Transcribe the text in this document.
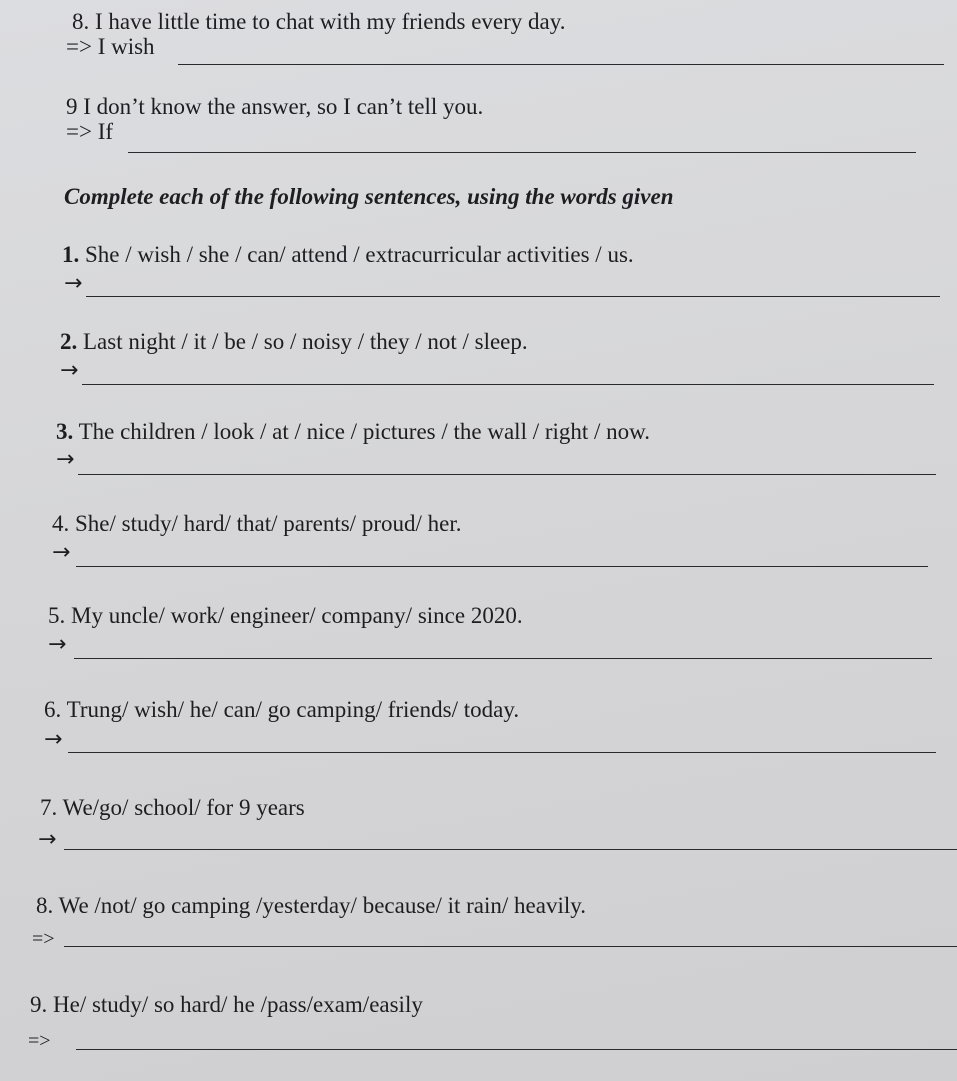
8. I have little time to chat with my friends every day.
=> I wish
9 I don’t know the answer, so I can’t tell you.
=> If
Complete each of the following sentences, using the words given
1. She / wish / she / can/ attend / extracurricular activities / us.
→
2. Last night / it / be / so / noisy / they / not / sleep.
→
3. The children / look / at / nice / pictures / the wall / right / now.
→
4. She/ study/ hard/ that/ parents/ proud/ her.
→
5. My uncle/ work/ engineer/ company/ since 2020.
→
6. Trung/ wish/ he/ can/ go camping/ friends/ today.
→
7. We/go/ school/ for 9 years
→
8. We /not/ go camping /yesterday/ because/ it rain/ heavily.
=>
9. He/ study/ so hard/ he /pass/exam/easily
=>
